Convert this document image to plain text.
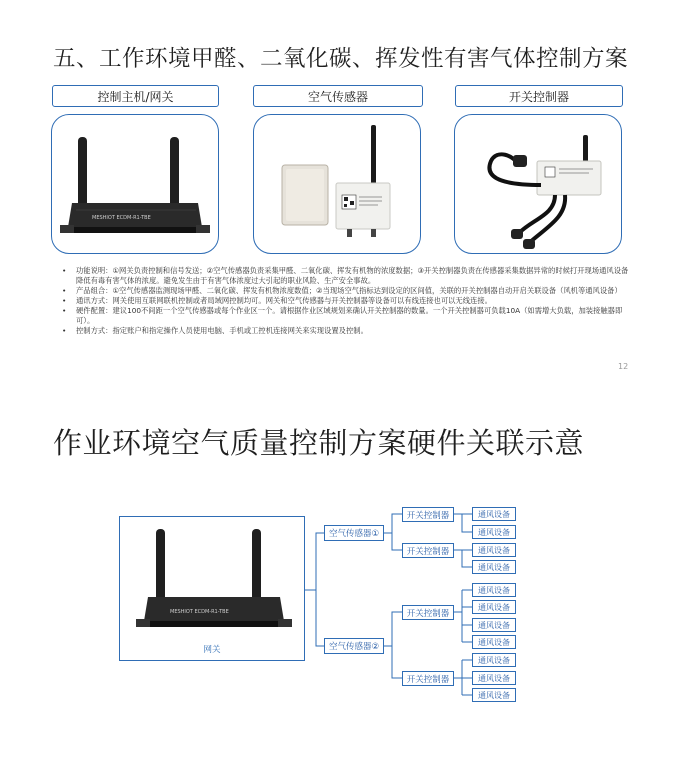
五、工作环境甲醛、二氧化碳、挥发性有害气体控制方案
控制主机/网关	空气传感器	开关控制器
MESHIOT ECDM-R1-TBE
• 功能说明：①网关负责控制和信号发送；②空气传感器负责采集甲醛、二氧化碳、挥发有机物的浓度数据；③开关控制器负责在传感器采集数据异常的时候打开现场通风设备降低有毒有害气体的浓度。避免发生由于有害气体浓度过大引起的职业风险、生产安全事故。
• 产品组合：①空气传感器监测现场甲醛、二氧化碳、挥发有机物浓度数值；②当现场空气指标达到设定的区间值，关联的开关控制器自动开启关联设备（风机等通风设备）
• 通讯方式：网关使用互联网联机控制或者局域网控制均可。网关和空气传感器与开关控制器等设备可以有线连接也可以无线连接。
• 硬件配置：建议100不间距一个空气传感器或每个作业区一个。请根据作业区域规划来确认开关控制器的数量。一个开关控制器可负载10A（如需增大负载，加装接触器即可）。
• 控制方式：指定账户和指定操作人员使用电脑、手机或工控机连接网关来实现设置及控制。
12
作业环境空气质量控制方案硬件关联示意
MESHIOT ECDM-R1-TBE
网关
空气传感器①
空气传感器②
开关控制器
开关控制器
开关控制器
开关控制器
通风设备
通风设备
通风设备
通风设备
通风设备
通风设备
通风设备
通风设备
通风设备
通风设备
通风设备
